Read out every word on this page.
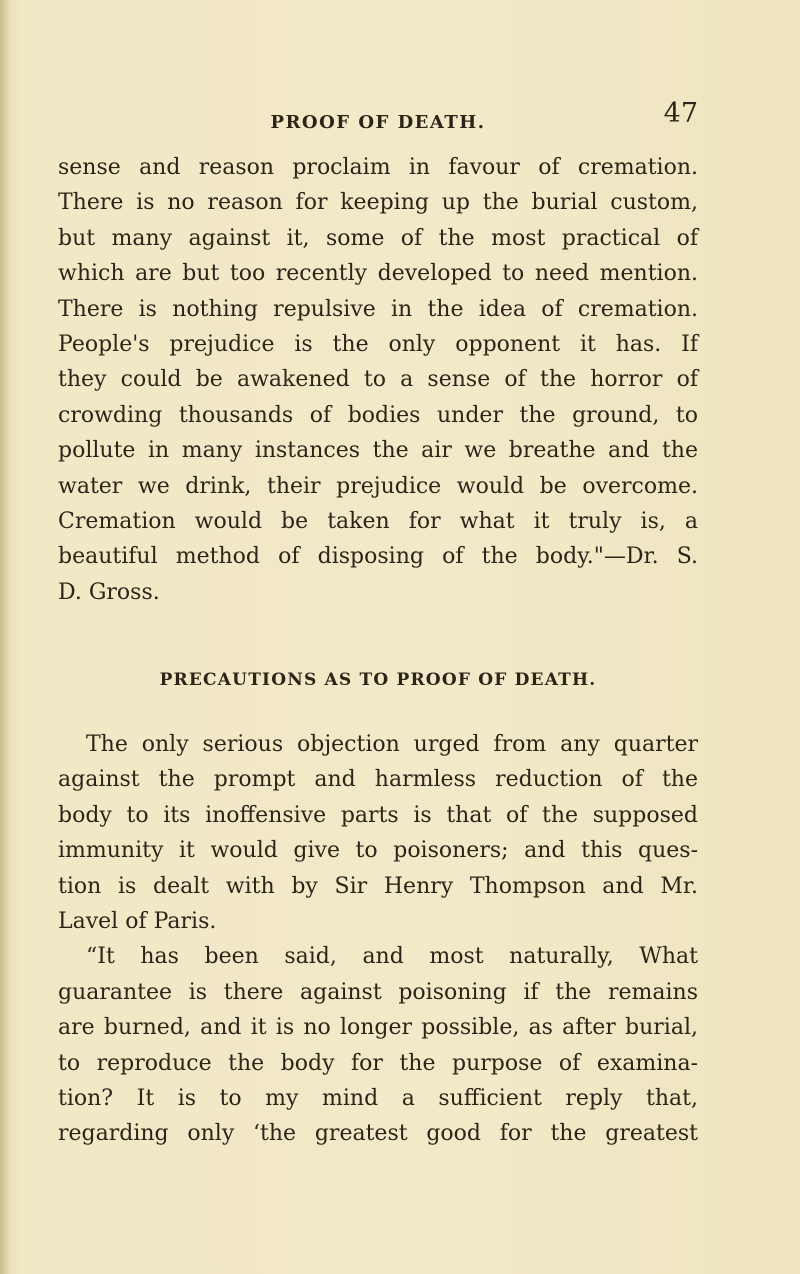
PROOF OF DEATH.	47
sense and reason proclaim in favour of cremation.
There is no reason for keeping up the burial custom,
but many against it, some of the most practical of
which are but too recently developed to need mention.
There is nothing repulsive in the idea of cremation.
People's prejudice is the only opponent it has. If
they could be awakened to a sense of the horror of
crowding thousands of bodies under the ground, to
pollute in many instances the air we breathe and the
water we drink, their prejudice would be overcome.
Cremation would be taken for what it truly is, a
beautiful method of disposing of the body."—Dr. S.
D. Gross.
PRECAUTIONS AS TO PROOF OF DEATH.
The only serious objection urged from any quarter
against the prompt and harmless reduction of the
body to its inoffensive parts is that of the supposed
immunity it would give to poisoners; and this ques-
tion is dealt with by Sir Henry Thompson and Mr.
Lavel of Paris.
“It has been said, and most naturally, What
guarantee is there against poisoning if the remains
are burned, and it is no longer possible, as after burial,
to reproduce the body for the purpose of examina-
tion? It is to my mind a sufficient reply that,
regarding only ‘the greatest good for the greatest
